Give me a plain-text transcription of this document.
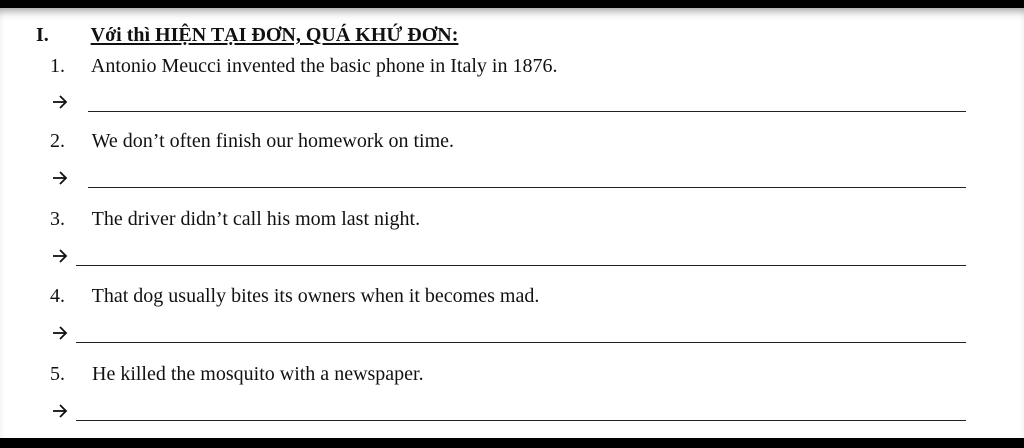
I. Với thì HIỆN TẠI ĐƠN, QUÁ KHỨ ĐƠN:
1. Antonio Meucci invented the basic phone in Italy in 1876.
2. We don’t often finish our homework on time.
3. The driver didn’t call his mom last night.
4. That dog usually bites its owners when it becomes mad.
5. He killed the mosquito with a newspaper.
